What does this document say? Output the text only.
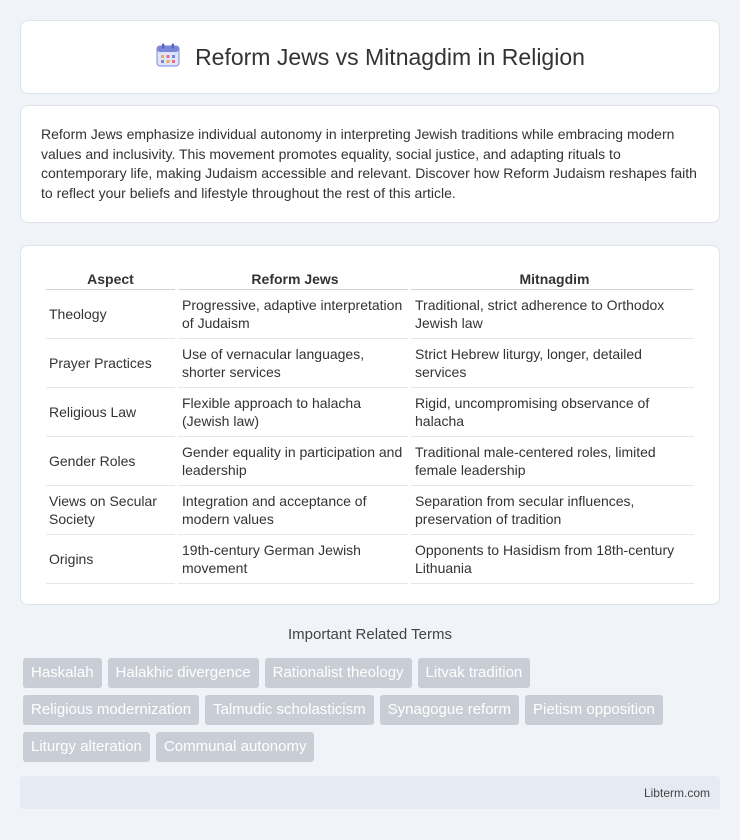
Reform Jews vs Mitnagdim in Religion

Reform Jews emphasize individual autonomy in interpreting Jewish traditions while embracing modern values and inclusivity. This movement promotes equality, social justice, and adapting rituals to contemporary life, making Judaism accessible and relevant. Discover how Reform Judaism reshapes faith to reflect your beliefs and lifestyle throughout the rest of this article.

Aspect	Reform Jews	Mitnagdim
Theology	Progressive, adaptive interpretation of Judaism	Traditional, strict adherence to Orthodox Jewish law
Prayer Practices	Use of vernacular languages, shorter services	Strict Hebrew liturgy, longer, detailed services
Religious Law	Flexible approach to halacha (Jewish law)	Rigid, uncompromising observance of halacha
Gender Roles	Gender equality in participation and leadership	Traditional male-centered roles, limited female leadership
Views on Secular Society	Integration and acceptance of modern values	Separation from secular influences, preservation of tradition
Origins	19th-century German Jewish movement	Opponents to Hasidism from 18th-century Lithuania
Important Related Terms
Haskalah	Halakhic divergence	Rationalist theology	Litvak tradition
Religious modernization	Talmudic scholasticism	Synagogue reform	Pietism opposition
Liturgy alteration	Communal autonomy
Libterm.com
